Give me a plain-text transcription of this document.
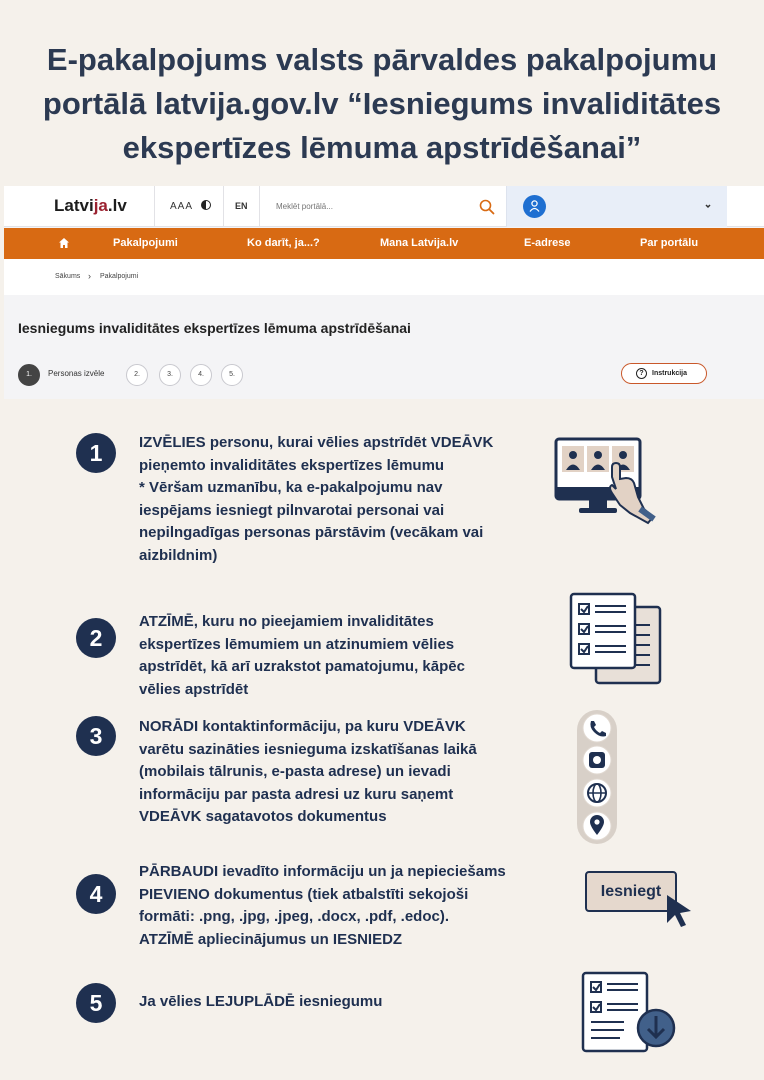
E-pakalpojums valsts pārvaldes pakalpojumu portālā latvija.gov.lv “Iesniegums invaliditātes ekspertīzes lēmuma apstrīdēšanai”
Latvija.lv	AAA	EN
Meklēt portālā...
Pakalpojumi	Ko darīt, ja...?	Mana Latvija.lv	E-adrese	Par portālu
Sākums › Pakalpojumi
Iesniegums invaliditātes ekspertīzes lēmuma apstrīdēšanai
1.	Personas izvēle	2.	3.	4.	5.	?	Instrukcija
1	IZVĒLIES personu, kurai vēlies apstrīdēt VDEĀVK
pieņemto invaliditātes ekspertīzes lēmumu
* Vēršam uzmanību, ka e-pakalpojumu nav
iespējams iesniegt pilnvarotai personai vai
nepilngadīgas personas pārstāvim (vecākam vai
aizbildnim)
2
ATZĪMĒ, kuru no pieejamiem invaliditātes
ekspertīzes lēmumiem un atzinumiem vēlies
apstrīdēt, kā arī uzrakstot pamatojumu, kāpēc
vēlies apstrīdēt
3	NORĀDI kontaktinformāciju, pa kuru VDEĀVK
varētu sazināties iesnieguma izskatīšanas laikā
(mobilais tālrunis, e-pasta adrese) un ievadi
informāciju par pasta adresi uz kuru saņemt
VDEĀVK sagatavotos dokumentus
4
PĀRBAUDI ievadīto informāciju un ja nepieciešams
PIEVIENO dokumentus (tiek atbalstīti sekojoši
formāti: .png, .jpg, .jpeg, .docx, .pdf, .edoc).
ATZĪMĒ apliecinājumus un IESNIEDZ
Iesniegt
5	Ja vēlies LEJUPLĀDĒ iesniegumu
